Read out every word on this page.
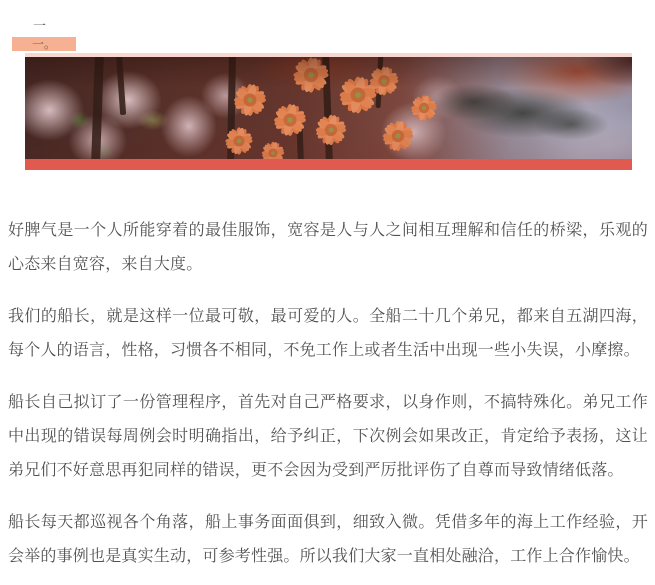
一
一。

好脾气是一个人所能穿着的最佳服饰，宽容是人与人之间相互理解和信任的桥梁，乐观的心态来自宽容，来自大度。

我们的船长，就是这样一位最可敬，最可爱的人。全船二十几个弟兄，都来自五湖四海，每个人的语言，性格，习惯各不相同，不免工作上或者生活中出现一些小失误，小摩擦。

船长自己拟订了一份管理程序，首先对自己严格要求，以身作则，不搞特殊化。弟兄工作中出现的错误每周例会时明确指出，给予纠正，下次例会如果改正，肯定给予表扬，这让弟兄们不好意思再犯同样的错误，更不会因为受到严厉批评伤了自尊而导致情绪低落。

船长每天都巡视各个角落，船上事务面面俱到，细致入微。凭借多年的海上工作经验，开会举的事例也是真实生动，可参考性强。所以我们大家一直相处融洽，工作上合作愉快。
